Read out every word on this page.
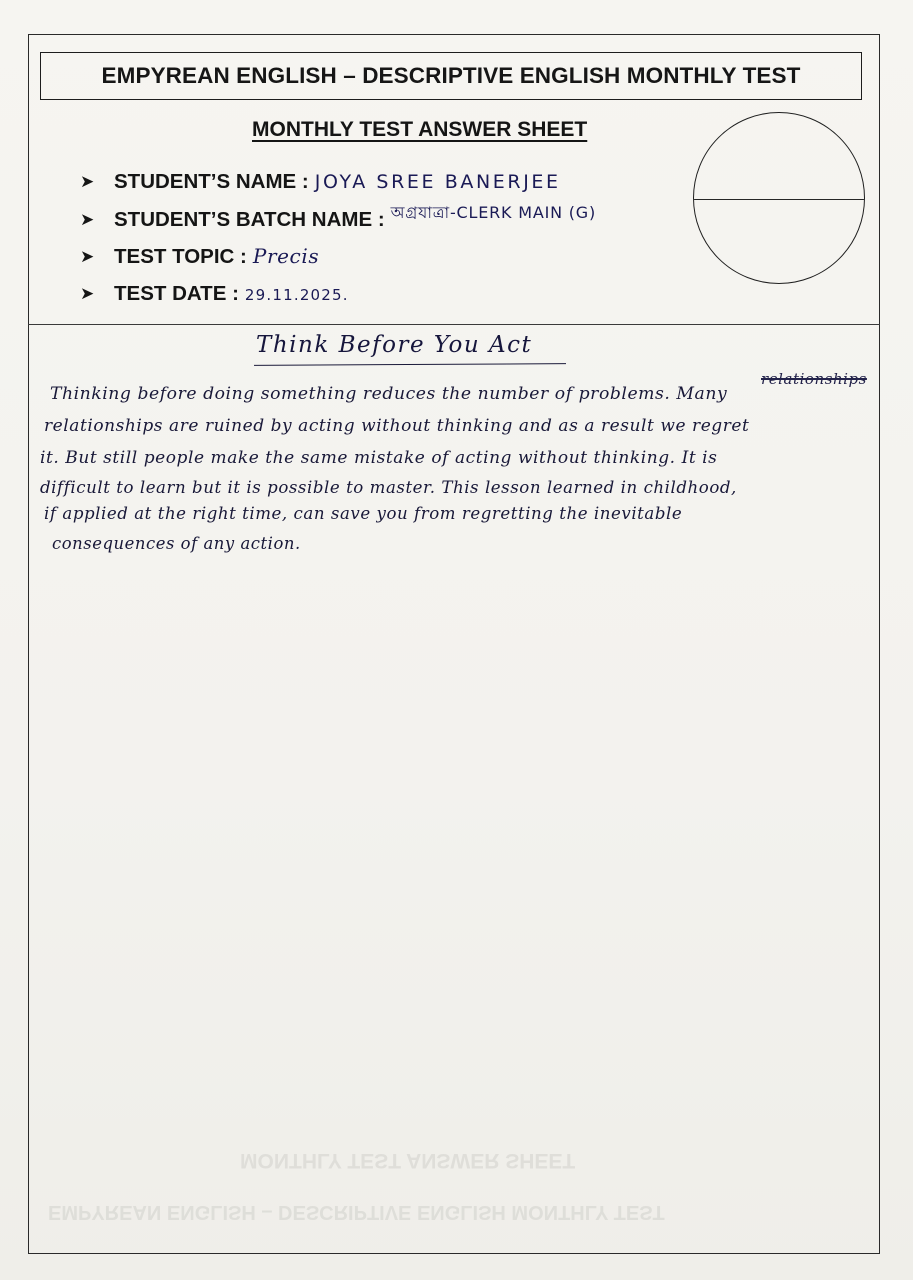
EMPYREAN ENGLISH – DESCRIPTIVE ENGLISH MONTHLY TEST
MONTHLY TEST ANSWER SHEET
➤ STUDENT’S NAME : JOYA SREE BANERJEE
➤ STUDENT’S BATCH NAME : অগ্রযাত্রা-CLERK MAIN (G)
➤ TEST TOPIC : Precis
➤ TEST DATE : 29.11.2025.
Think Before You Act
relationships
Thinking before doing something reduces the number of problems. Many
relationships are ruined by acting without thinking and as a result we regret
it. But still people make the same mistake of acting without thinking. It is
difficult to learn but it is possible to master. This lesson learned in childhood,
if applied at the right time, can save you from regretting the inevitable
consequences of any action.
MONTHLY TEST ANSWER SHEET
EMPYREAN ENGLISH – DESCRIPTIVE ENGLISH MONTHLY TEST
